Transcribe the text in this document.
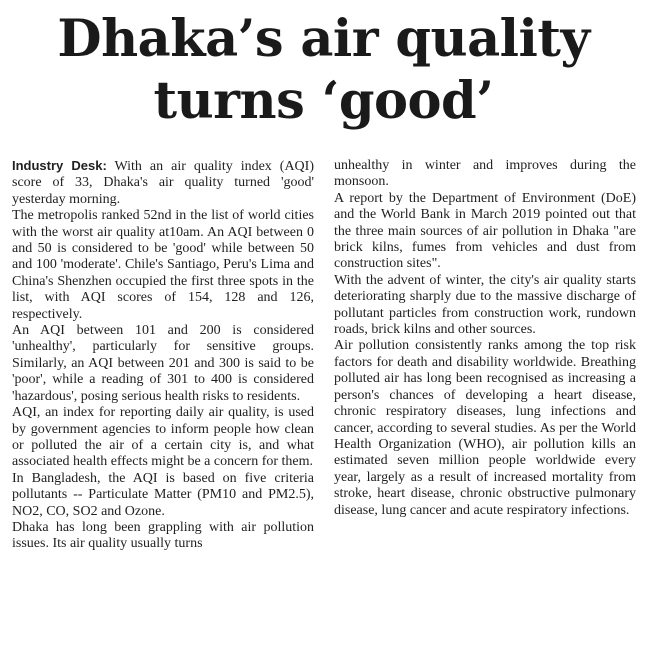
Dhaka’s air quality
turns ‘good’

Industry Desk: With an air quality index (AQI) score of 33, Dhaka's air quality turned 'good' yesterday morning.

The metropolis ranked 52nd in the list of world cities with the worst air quality at10am. An AQI between 0 and 50 is considered to be 'good' while between 50 and 100 'moderate'. Chile's Santiago, Peru's Lima and China's Shenzhen occupied the first three spots in the list, with AQI scores of 154, 128 and 126, respectively.

An AQI between 101 and 200 is considered 'unhealthy', particularly for sensitive groups. Similarly, an AQI between 201 and 300 is said to be 'poor', while a reading of 301 to 400 is considered 'hazardous', posing serious health risks to residents.

AQI, an index for reporting daily air quality, is used by government agencies to inform people how clean or polluted the air of a certain city is, and what associated health effects might be a concern for them.

In Bangladesh, the AQI is based on five criteria pollutants -- Particulate Matter (PM10 and PM2.5), NO2, CO, SO2 and Ozone.

Dhaka has long been grappling with air pollution issues. Its air quality usually turns

unhealthy in winter and improves during the monsoon.

A report by the Department of Environment (DoE) and the World Bank in March 2019 pointed out that the three main sources of air pollution in Dhaka "are brick kilns, fumes from vehicles and dust from construction sites".

With the advent of winter, the city's air quality starts deteriorating sharply due to the massive discharge of pollutant particles from construction work, rundown roads, brick kilns and other sources.

Air pollution consistently ranks among the top risk factors for death and disability worldwide. Breathing polluted air has long been recognised as increasing a person's chances of developing a heart disease, chronic respiratory diseases, lung infections and cancer, according to several studies. As per the World Health Organization (WHO), air pollution kills an estimated seven million people worldwide every year, largely as a result of increased mortality from stroke, heart disease, chronic obstructive pulmonary disease, lung cancer and acute respiratory infections.
